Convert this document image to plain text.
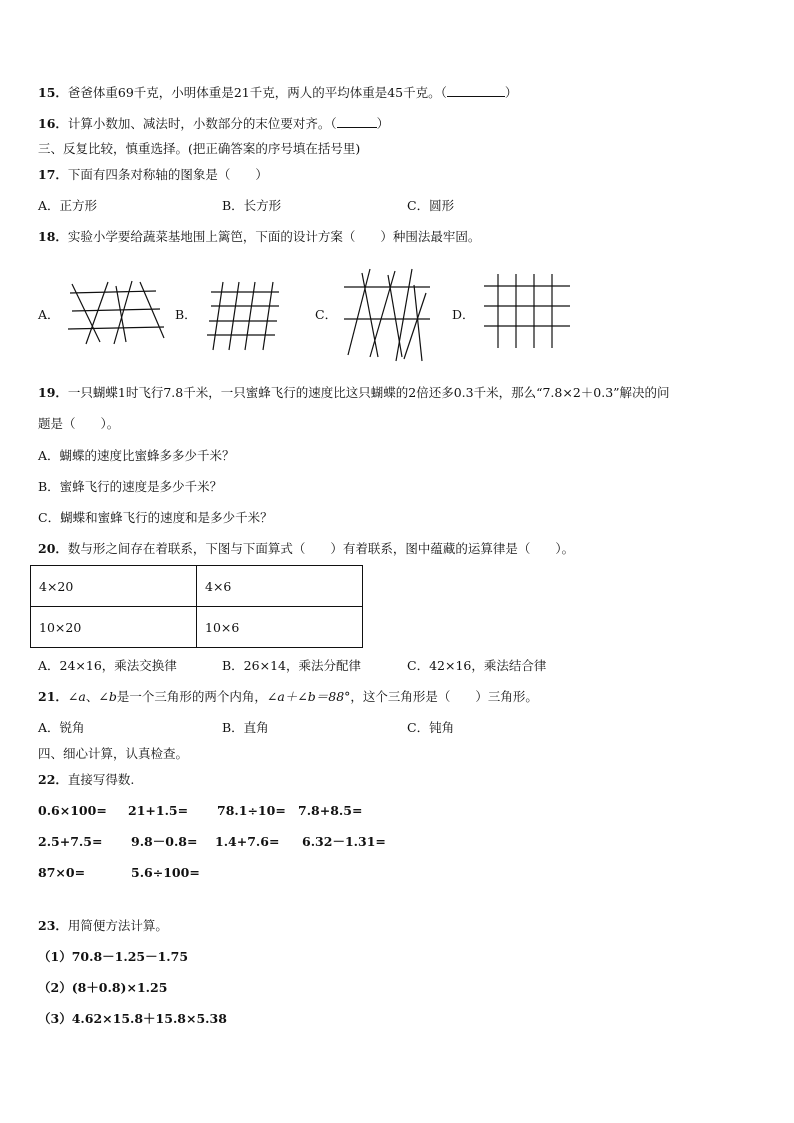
15．爸爸体重69千克，小明体重是21千克，两人的平均体重是45千克。（	）
16．计算小数加、减法时，小数部分的末位要对齐。（	）
三、反复比较，慎重选择。(把正确答案的序号填在括号里)
17．下面有四条对称轴的图象是（　　）
A．正方形	B．长方形	C．圆形
18．实验小学要给蔬菜基地围上篱笆，下面的设计方案（　　）种围法最牢固。
A．	B．	C．	D．
19．一只蝴蝶1时飞行7.8千米，一只蜜蜂飞行的速度比这只蝴蝶的2倍还多0.3千米，那么“7.8×2＋0.3”解决的问
题是（　　）。
A．蝴蝶的速度比蜜蜂多多少千米？
B．蜜蜂飞行的速度是多少千米？
C．蝴蝶和蜜蜂飞行的速度和是多少千米？
20．数与形之间存在着联系，下图与下面算式（　　）有着联系，图中蕴藏的运算律是（　　）。
4×20	4×6
10×20	10×6
A．24×16，乘法交换律	B．26×14，乘法分配律	C．42×16，乘法结合律
21．∠a、∠b是一个三角形的两个内角，∠a＋∠b＝88°，这个三角形是（　　）三角形。
A．锐角	B．直角	C．钝角
四、细心计算，认真检查。
22．直接写得数.
0.6×100= 21+1.5= 78.1÷10= 7.8+8.5=
2.5+7.5= 9.8－0.8= 1.4+7.6= 6.32－1.31=
87×0=	5.6÷100=
23．用简便方法计算。
（1）70.8－1.25－1.75
（2）(8＋0.8)×1.25
（3）4.62×15.8＋15.8×5.38
